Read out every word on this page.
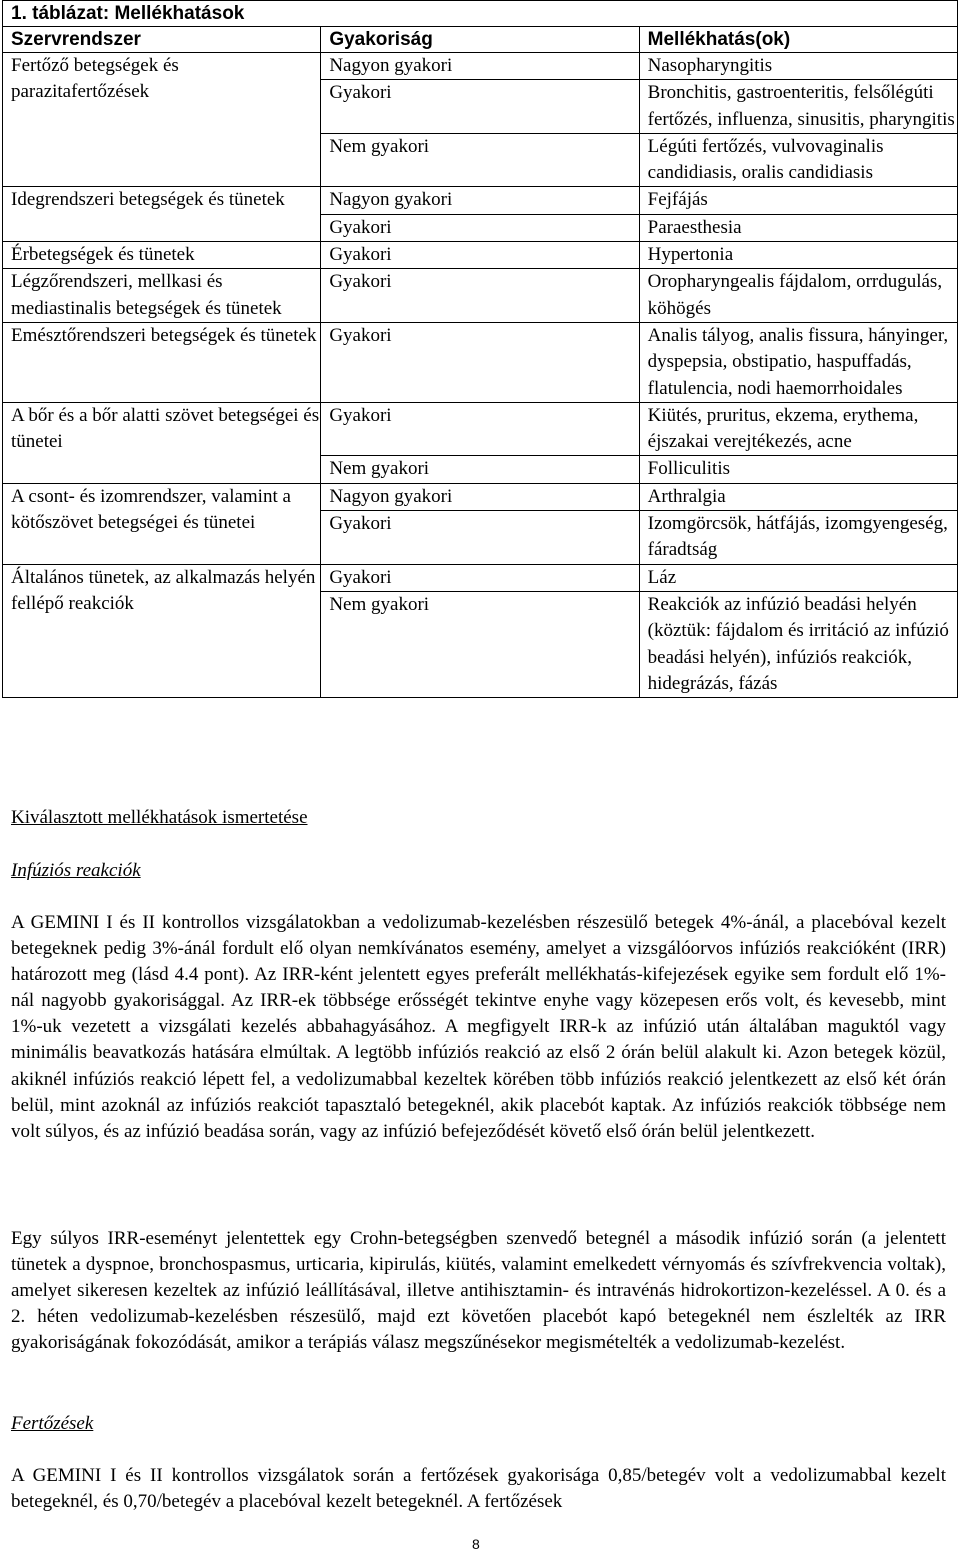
1. táblázat: Mellékhatások		
Szervrendszer	Gyakoriság	Mellékhatás(ok)
Fertőző betegségek és parazitafertőzések	Nagyon gyakori	Nasopharyngitis
	Gyakori	Bronchitis, gastroenteritis, felsőlégúti fertőzés, influenza, sinusitis, pharyngitis
	Nem gyakori	Légúti fertőzés, vulvovaginalis candidiasis, oralis candidiasis
Idegrendszeri betegségek és tünetek	Nagyon gyakori	Fejfájás
	Gyakori	Paraesthesia
Érbetegségek és tünetek	Gyakori	Hypertonia
Légzőrendszeri, mellkasi és mediastinalis betegségek és tünetek	Gyakori	Oropharyngealis fájdalom, orrdugulás, köhögés
Emésztőrendszeri betegségek és tünetek	Gyakori	Analis tályog, analis fissura, hányinger, dyspepsia, obstipatio, haspuffadás, flatulencia, nodi haemorrhoidales
A bőr és a bőr alatti szövet betegségei és tünetei	Gyakori	Kiütés, pruritus, ekzema, erythema, éjszakai verejtékezés, acne
	Nem gyakori	Folliculitis
A csont- és izomrendszer, valamint a kötőszövet betegségei és tünetei	Nagyon gyakori	Arthralgia
	Gyakori	Izomgörcsök, hátfájás, izomgyengeség, fáradtság
Általános tünetek, az alkalmazás helyén fellépő reakciók	Gyakori	Láz
	Nem gyakori	Reakciók az infúzió beadási helyén (köztük: fájdalom és irritáció az infúzió beadási helyén), infúziós reakciók, hidegrázás, fázás
Kiválasztott mellékhatások ismertetése
Infúziós reakciók
A GEMINI I és II kontrollos vizsgálatokban a vedolizumab-kezelésben részesülő betegek 4%-ánál, a placebóval kezelt betegeknek pedig 3%-ánál fordult elő olyan nemkívánatos esemény, amelyet a vizsgálóorvos infúziós reakcióként (IRR) határozott meg (lásd 4.4 pont). Az IRR-ként jelentett egyes preferált mellékhatás-kifejezések egyike sem fordult elő 1%-nál nagyobb gyakorisággal. Az IRR-ek többsége erősségét tekintve enyhe vagy közepesen erős volt, és kevesebb, mint 1%-uk vezetett a vizsgálati kezelés abbahagyásához. A megfigyelt IRR-k az infúzió után általában maguktól vagy minimális beavatkozás hatására elmúltak. A legtöbb infúziós reakció az első 2 órán belül alakult ki. Azon betegek közül, akiknél infúziós reakció lépett fel, a vedolizumabbal kezeltek körében több infúziós reakció jelentkezett az első két órán belül, mint azoknál az infúziós reakciót tapasztaló betegeknél, akik placebót kaptak. Az infúziós reakciók többsége nem volt súlyos, és az infúzió beadása során, vagy az infúzió befejeződését követő első órán belül jelentkezett.
Egy súlyos IRR-eseményt jelentettek egy Crohn-betegségben szenvedő betegnél a második infúzió során (a jelentett tünetek a dyspnoe, bronchospasmus, urticaria, kipirulás, kiütés, valamint emelkedett vérnyomás és szívfrekvencia voltak), amelyet sikeresen kezeltek az infúzió leállításával, illetve antihisztamin- és intravénás hidrokortizon-kezeléssel. A 0. és a 2. héten vedolizumab-kezelésben részesülő, majd ezt követően placebót kapó betegeknél nem észlelték az IRR gyakoriságának fokozódását, amikor a terápiás válasz megszűnésekor megismételték a vedolizumab-kezelést.
Fertőzések
A GEMINI I és II kontrollos vizsgálatok során a fertőzések gyakorisága 0,85/betegév volt a vedolizumabbal kezelt betegeknél, és 0,70/betegév a placebóval kezelt betegeknél. A fertőzések
8
